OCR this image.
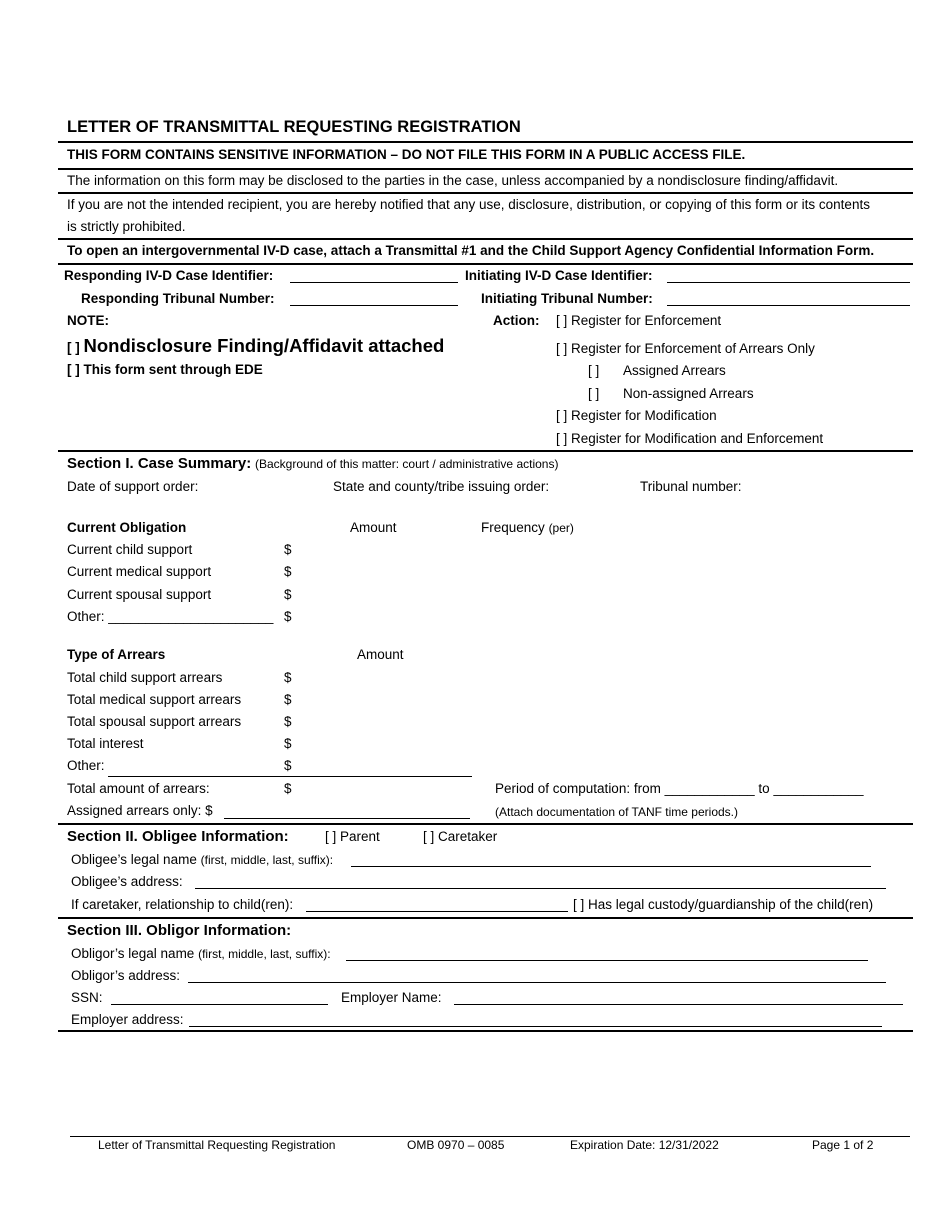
LETTER OF TRANSMITTAL REQUESTING REGISTRATION
THIS FORM CONTAINS SENSITIVE INFORMATION – DO NOT FILE THIS FORM IN A PUBLIC ACCESS FILE.
The information on this form may be disclosed to the parties in the case, unless accompanied by a nondisclosure finding/affidavit.
If you are not the intended recipient, you are hereby notified that any use, disclosure, distribution, or copying of this form or its contents
is strictly prohibited.
To open an intergovernmental IV-D case, attach a Transmittal #1 and the Child Support Agency Confidential Information Form.
Responding IV-D Case Identifier:	Initiating IV-D Case Identifier:
Responding Tribunal Number:	Initiating Tribunal Number:
NOTE:	Action: [ ] Register for Enforcement
[ ] Nondisclosure Finding/Affidavit attached	[ ] Register for Enforcement of Arrears Only
[ ] This form sent through EDE	[ ] Assigned Arrears
[ ] Non-assigned Arrears
[ ] Register for Modification
[ ] Register for Modification and Enforcement
Section I. Case Summary: (Background of this matter: court / administrative actions)
Date of support order:	State and county/tribe issuing order:	Tribunal number:
Current Obligation	Amount	Frequency (per)
Current child support	$
Current medical support	$
Current spousal support	$
Other: ______________________ $
Type of Arrears	Amount
Total child support arrears	$
Total medical support arrears	$
Total spousal support arrears	$
Total interest	$
Other:	$
Total amount of arrears:	$	Period of computation: from ____________ to ____________
Assigned arrears only: $	(Attach documentation of TANF time periods.)
Section II. Obligee Information:	[ ] Parent	[ ] Caretaker
Obligee’s legal name (first, middle, last, suffix):
Obligee’s address:
If caretaker, relationship to child(ren):	[ ] Has legal custody/guardianship of the child(ren)
Section III. Obligor Information:
Obligor’s legal name (first, middle, last, suffix):
Obligor’s address:
SSN:	Employer Name:
Employer address:
Letter of Transmittal Requesting Registration	OMB 0970 – 0085	Expiration Date: 12/31/2022	Page 1 of 2
